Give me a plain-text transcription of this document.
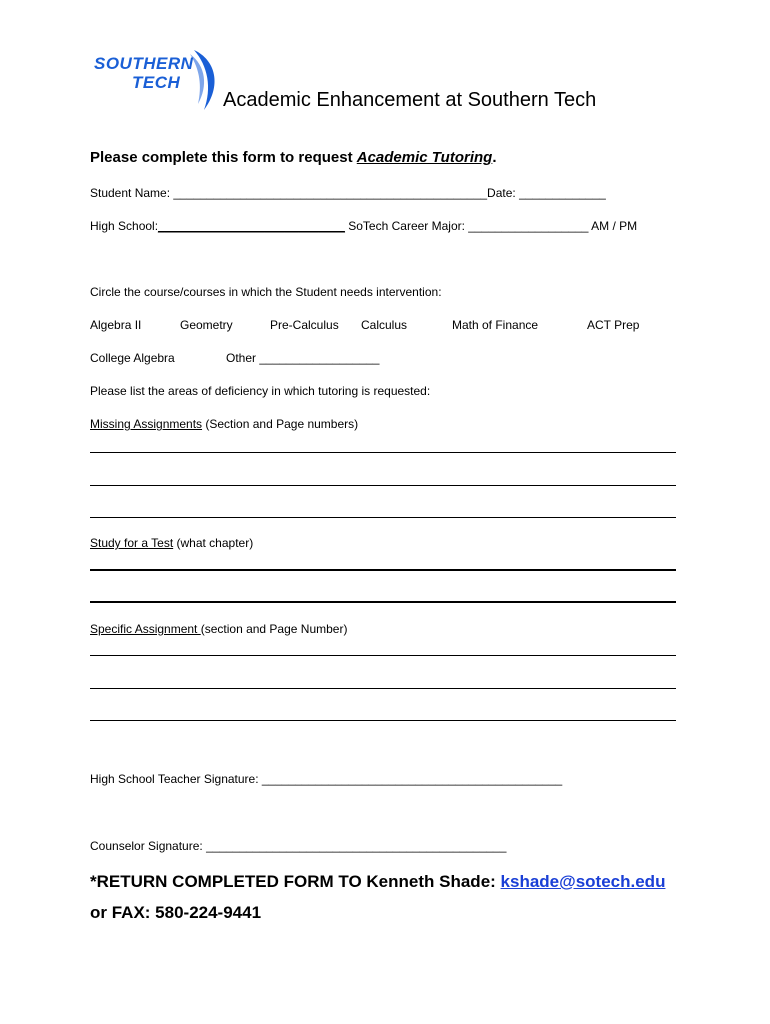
SOUTHERN
TECH
Academic Enhancement at Southern Tech
Please complete this form to request Academic Tutoring.
Student Name: _______________________________________________Date: _____________
High School:____________________________ SoTech Career Major: __________________ AM / PM
Circle the course/courses in which the Student needs intervention:
Algebra II	Geometry	Pre-Calculus Calculus	Math of Finance	ACT Prep
College Algebra	Other __________________
Please list the areas of deficiency in which tutoring is requested:
Missing Assignments (Section and Page numbers)
Study for a Test (what chapter)
Specific Assignment (section and Page Number)
High School Teacher Signature: _____________________________________________
Counselor Signature: _____________________________________________
*RETURN COMPLETED FORM TO Kenneth Shade: kshade@sotech.edu
or FAX: 580-224-9441
